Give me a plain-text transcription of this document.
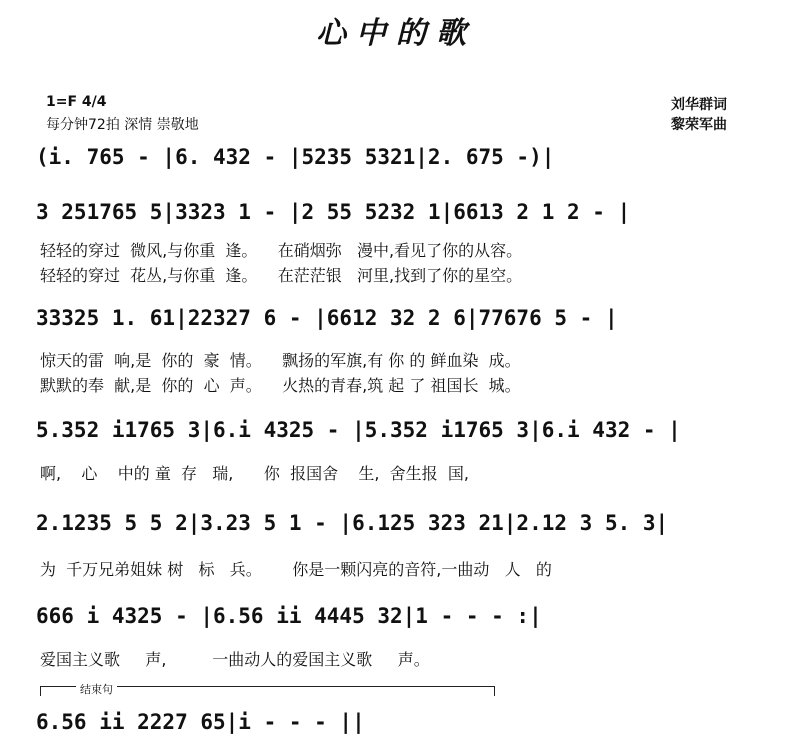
心中的歌
1=F 4/4
每分钟72拍 深情 崇敬地
刘华群词
黎荣军曲
(i. 765 - |6. 432 - |5235 5321|2. 675 -)|
3 251765 5|3323 1 - |2 55 5232 1|6613 2 1 2 - |
轻轻的穿过  微风,与你重  逢。    在硝烟弥   漫中,看见了你的从容。
轻轻的穿过  花丛,与你重  逢。    在茫茫银   河里,找到了你的星空。
33325 1. 61|22327 6 - |6612 32 2 6|77676 5 - |
惊天的雷  响,是  你的  豪  情。    飘扬的军旗,有 你 的 鲜血染  成。
默默的奉  献,是  你的  心  声。    火热的青春,筑 起 了 祖国长  城。
5.352 i1765 3|6.i 4325 - |5.352 i1765 3|6.i 432 - |
啊,    心    中的 童  存   瑞,      你  报国舍    生,  舍生报  国,
2.1235 5 5 2|3.23 5 1 - |6.125 323 21|2.12 3 5. 3|
为  千万兄弟姐妹 树   标   兵。      你是一颗闪亮的音符,一曲动   人   的
666 i 4325 - |6.56 ii 4445 32|1 - - - :|
爱国主义歌     声,         一曲动人的爱国主义歌     声。
结束句
6.56 ii 2227 65|i - - - ||
